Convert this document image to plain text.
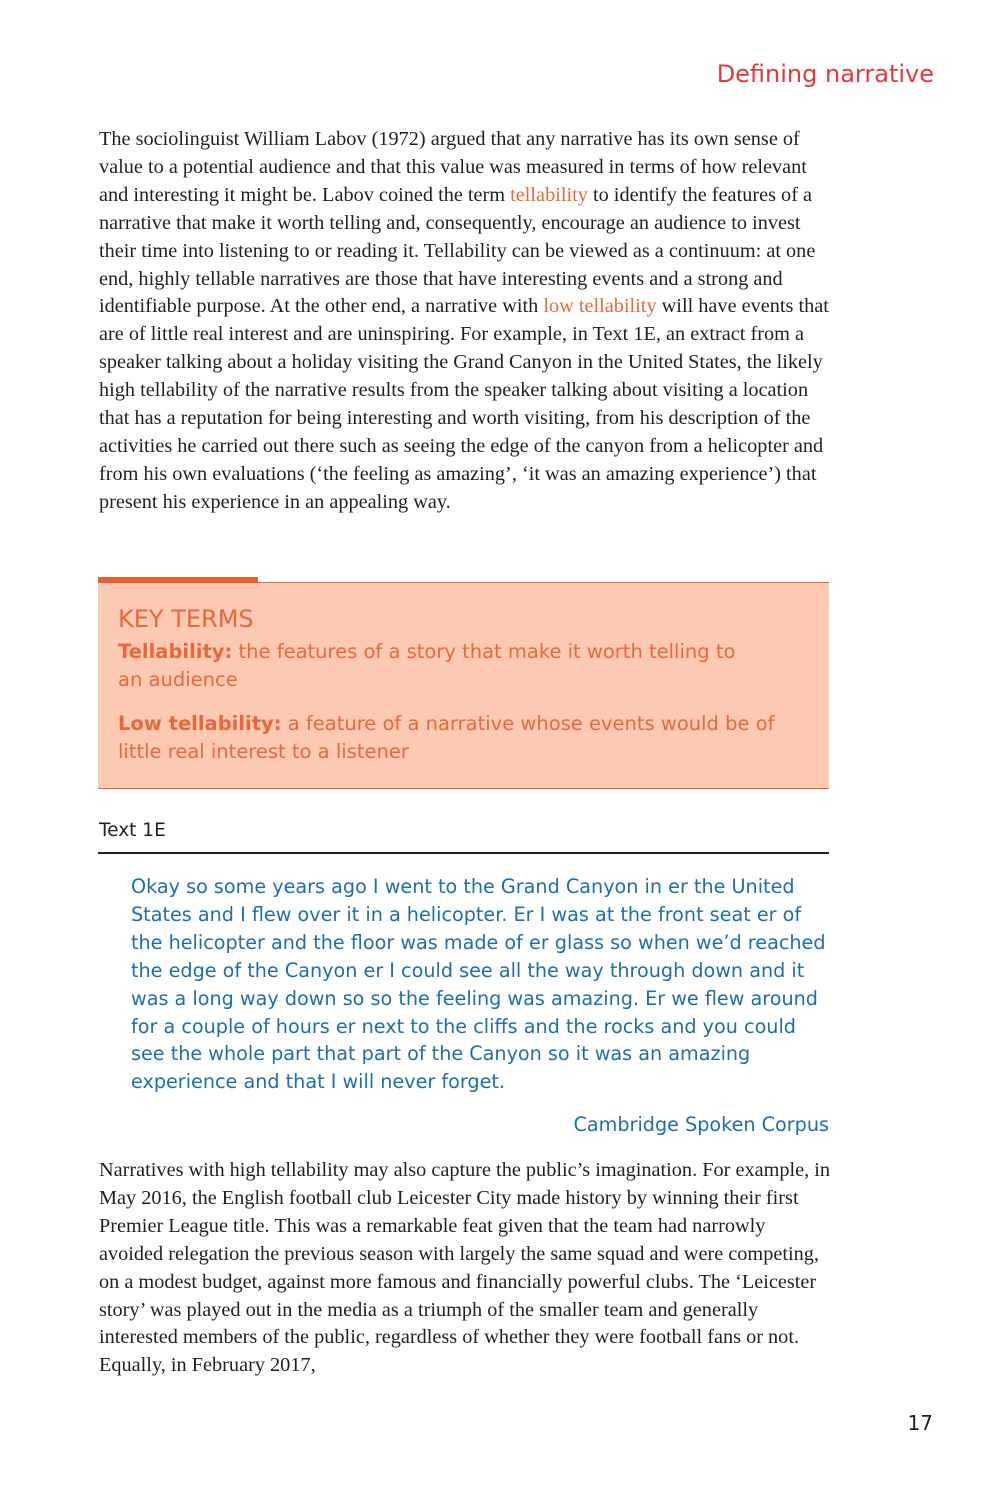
Defining narrative

The sociolinguist William Labov (1972) argued that any narrative has its own sense of value to a potential audience and that this value was measured in terms of how relevant and interesting it might be. Labov coined the term tellability to identify the features of a narrative that make it worth telling and, consequently, encourage an audience to invest their time into listening to or reading it. Tellability can be viewed as a continuum: at one end, highly tellable narratives are those that have interesting events and a strong and identifiable purpose. At the other end, a narrative with low tellability will have events that are of little real interest and are uninspiring. For example, in Text 1E, an extract from a speaker talking about a holiday visiting the Grand Canyon in the United States, the likely high tellability of the narrative results from the speaker talking about visiting a location that has a reputation for being interesting and worth visiting, from his description of the activities he carried out there such as seeing the edge of the canyon from a helicopter and from his own evaluations (‘the feeling as amazing’, ‘it was an amazing experience’) that present his experience in an appealing way.

KEY TERMS

Tellability: the features of a story that make it worth telling to an audience

Low tellability: a feature of a narrative whose events would be of little real interest to a listener

Text 1E

Okay so some years ago I went to the Grand Canyon in er the United States and I flew over it in a helicopter. Er I was at the front seat er of the helicopter and the floor was made of er glass so when we’d reached the edge of the Canyon er I could see all the way through down and it was a long way down so so the feeling was amazing. Er we flew around for a couple of hours er next to the cliffs and the rocks and you could see the whole part that part of the Canyon so it was an amazing experience and that I will never forget.

Cambridge Spoken Corpus

Narratives with high tellability may also capture the public’s imagination. For example, in May 2016, the English football club Leicester City made history by winning their first Premier League title. This was a remarkable feat given that the team had narrowly avoided relegation the previous season with largely the same squad and were competing, on a modest budget, against more famous and financially powerful clubs. The ‘Leicester story’ was played out in the media as a triumph of the smaller team and generally interested members of the public, regardless of whether they were football fans or not. Equally, in February 2017,

17
